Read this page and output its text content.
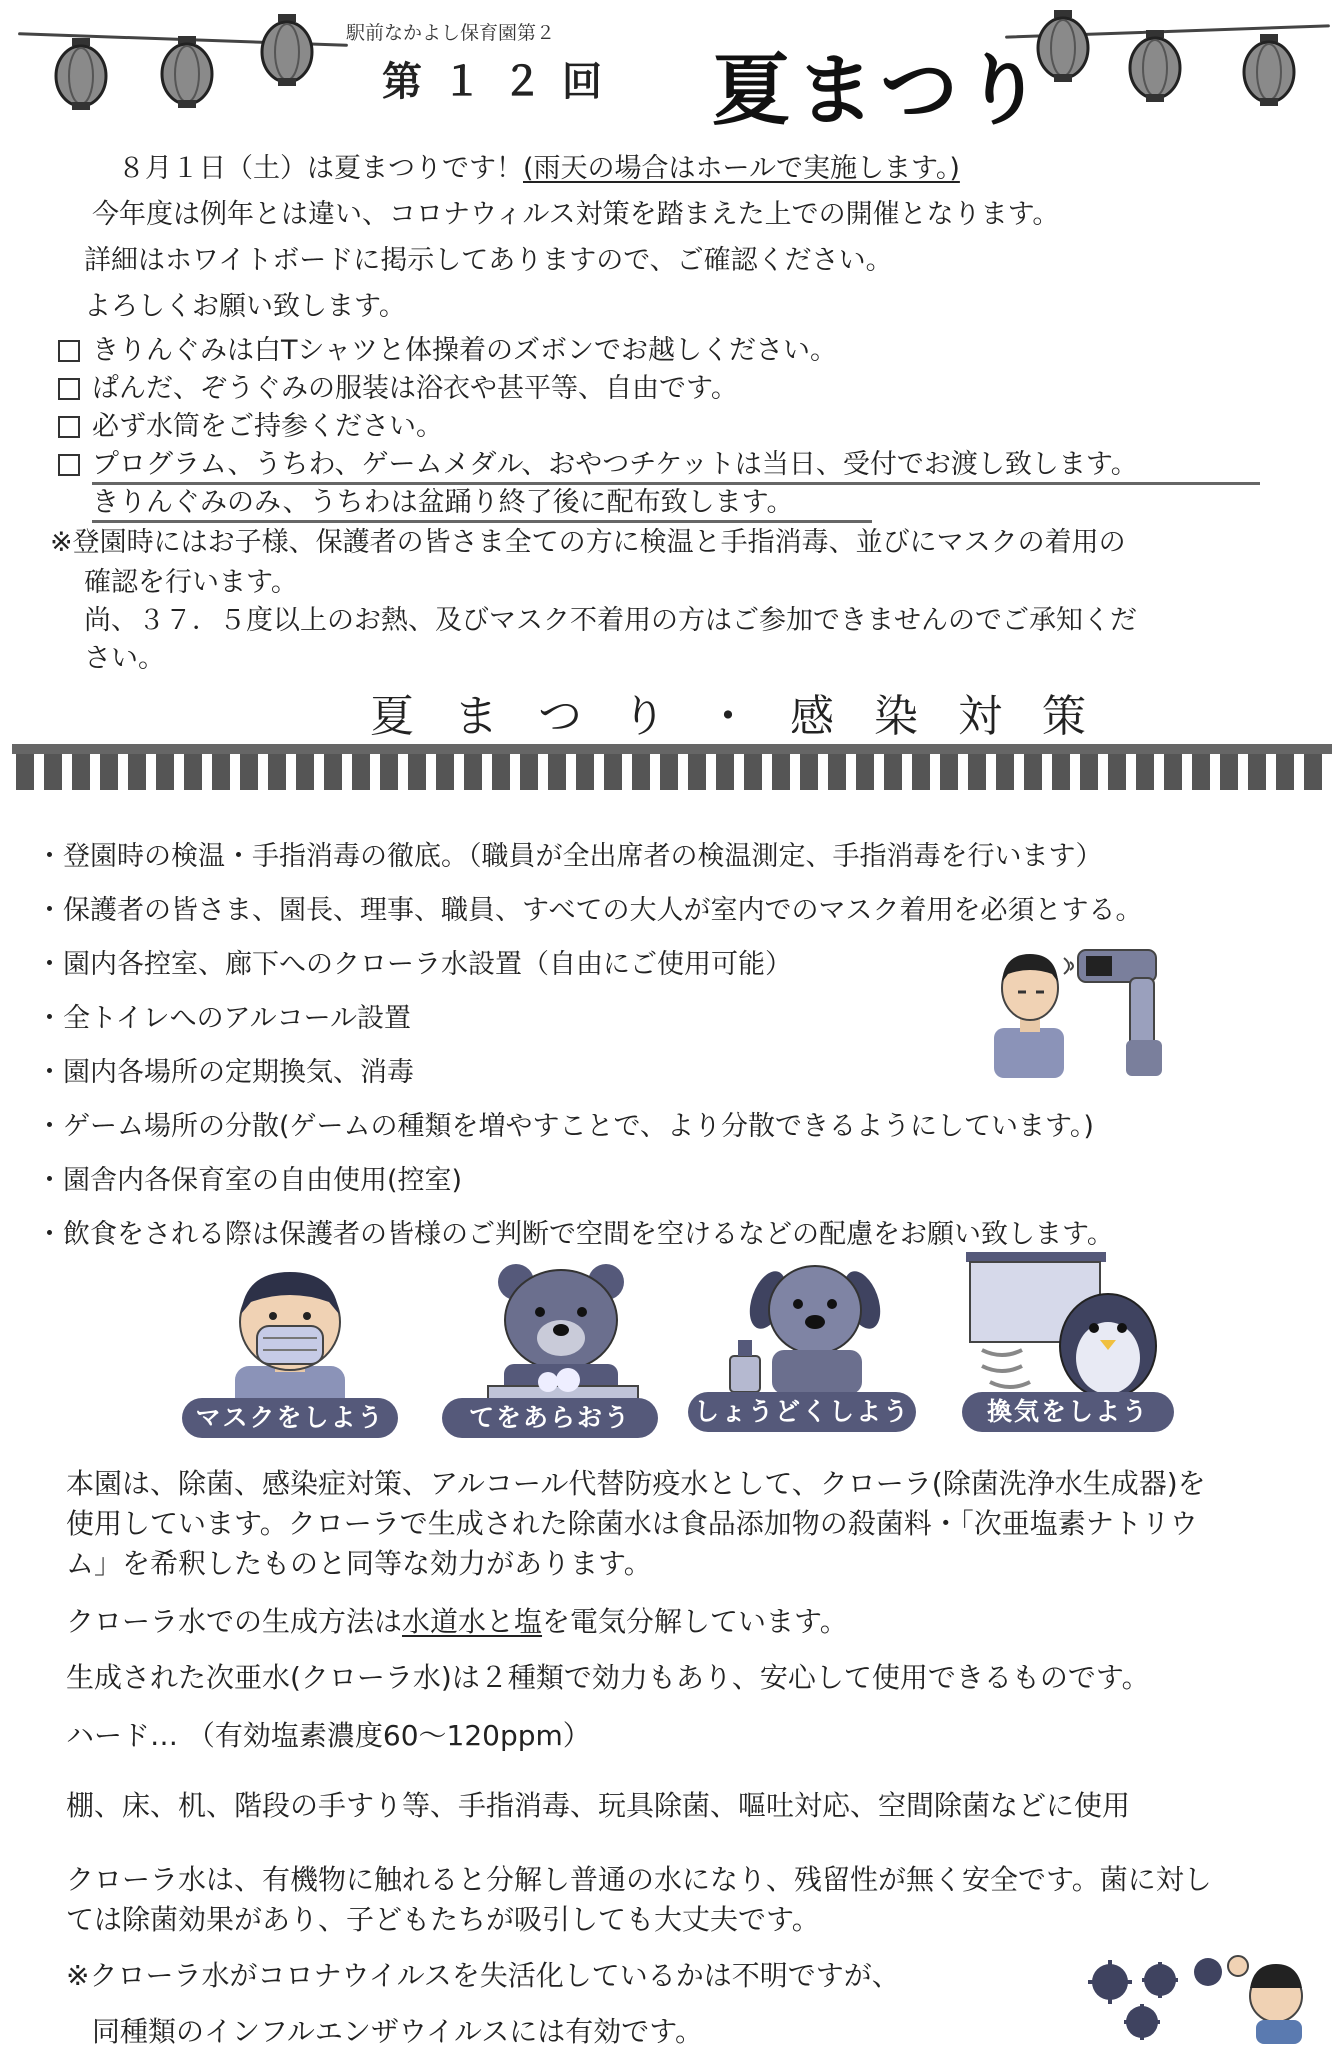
駅前なかよし保育園第２
第１２回 夏まつり
８月１日（土）は夏まつりです！(雨天の場合はホールで実施します。)
今年度は例年とは違い、コロナウィルス対策を踏まえた上での開催となります。
詳細はホワイトボードに掲示してありますので、ご確認ください。
よろしくお願い致します。
きりんぐみは白Tシャツと体操着のズボンでお越しください。
ぱんだ、ぞうぐみの服装は浴衣や甚平等、自由です。
必ず水筒をご持参ください。
プログラム、うちわ、ゲームメダル、おやつチケットは当日、受付でお渡し致します。
きりんぐみのみ、うちわは盆踊り終了後に配布致します。
※登園時にはお子様、保護者の皆さま全ての方に検温と手指消毒、並びにマスクの着用の
確認を行います。
尚、３７．５度以上のお熱、及びマスク不着用の方はご参加できませんのでご承知くだ
さい。
夏まつり・感染対策
・登園時の検温・手指消毒の徹底。（職員が全出席者の検温測定、手指消毒を行います）
・保護者の皆さま、園長、理事、職員、すべての大人が室内でのマスク着用を必須とする。
・園内各控室、廊下へのクローラ水設置（自由にご使用可能）
・全トイレへのアルコール設置
・園内各場所の定期換気、消毒
・ゲーム場所の分散(ゲームの種類を増やすことで、より分散できるようにしています。)
・園舎内各保育室の自由使用(控室)
・飲食をされる際は保護者の皆様のご判断で空間を空けるなどの配慮をお願い致します。
マスクをしよう	てをあらおう	しょうどくしよう	換気をしよう
本園は、除菌、感染症対策、アルコール代替防疫水として、クローラ(除菌洗浄水生成器)を
使用しています。クローラで生成された除菌水は食品添加物の殺菌料・「次亜塩素ナトリウ
ム」を希釈したものと同等な効力があります。
クローラ水での生成方法は水道水と塩を電気分解しています。
生成された次亜水(クローラ水)は２種類で効力もあり、安心して使用できるものです。
ハード… （有効塩素濃度60～120ppm）
棚、床、机、階段の手すり等、手指消毒、玩具除菌、嘔吐対応、空間除菌などに使用
クローラ水は、有機物に触れると分解し普通の水になり、残留性が無く安全です。菌に対し
ては除菌効果があり、子どもたちが吸引しても大丈夫です。
※クローラ水がコロナウイルスを失活化しているかは不明ですが、
同種類のインフルエンザウイルスには有効です。
